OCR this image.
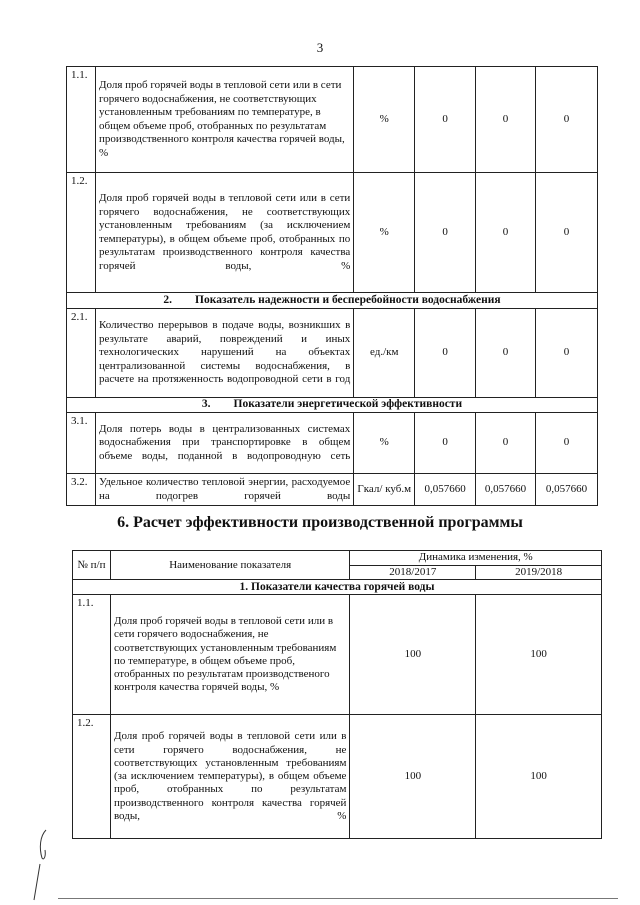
3
1.1.	Доля проб горячей воды в тепловой сети или в сети горячего водоснабжения, не соответствующих установленным требованиям по температуре, в общем объеме проб, отобранных по результатам производственного контроля качества горячей воды, %	%	0	0	0
1.2.	Доля проб горячей воды в тепловой сети или в сети горячего водоснабжения, не соответствующих установленным требованиям (за исключением температуры), в общем объеме проб, отобранных по результатам производственного контроля качества горячей воды, %	%	0	0	0
2.        Показатель надежности и бесперебойности водоснабжения					
2.1.	Количество перерывов в подаче воды, возникших в результате аварий, повреждений и иных технологических нарушений на объектах централизованной системы водоснабжения, в расчете на протяженность водопроводной сети в год	ед./км	0	0	0
3.        Показатели энергетической эффективности					
3.1.	Доля потерь воды в централизованных системах водоснабжения при транспортировке в общем объеме воды, поданной в водопроводную сеть	%	0	0	0
3.2.	Удельное количество тепловой энергии, расходуемое на подогрев горячей воды	Гкал/ куб.м	0,057660	0,057660	0,057660
6. Расчет эффективности производственной программы
№ п/п	Наименование показателя	Динамика изменения, %	
		2018/2017	2019/2018
1. Показатели качества горячей воды			
1.1.	Доля проб горячей воды в тепловой сети или в сети горячего водоснабжения, не соответствующих установленным требованиям по температуре, в общем объеме проб, отобранных по результатам производственого контроля качества горячей воды, %	100	100
1.2.	Доля проб горячей воды в тепловой сети или в сети горячего водоснабжения, не соответствующих установленным требованиям (за исключением температуры), в общем объеме проб, отобранных по результатам производственного контроля качества горячей воды, %	100	100
